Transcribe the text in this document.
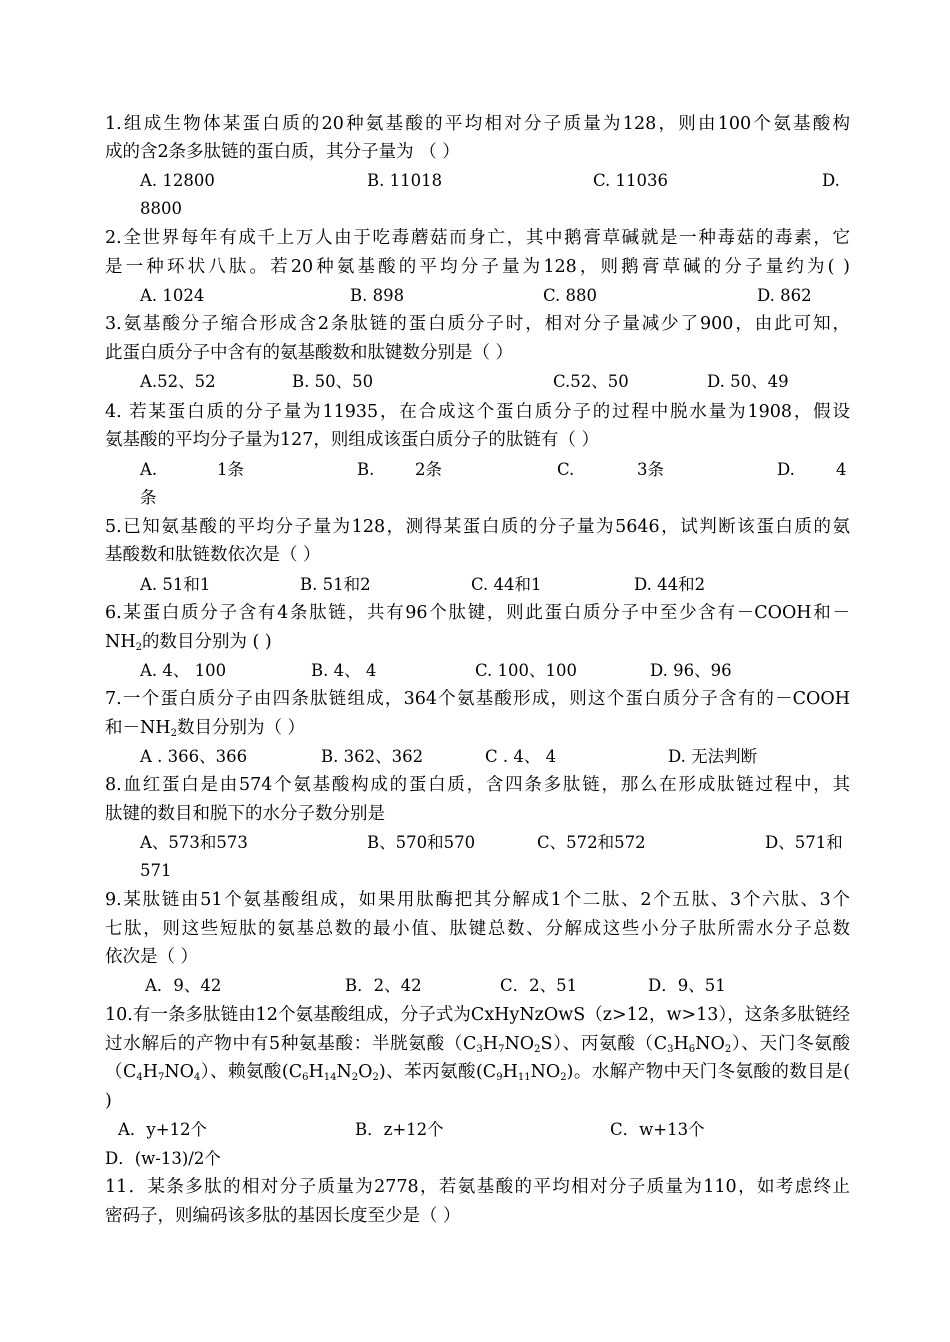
1.组成生物体某蛋白质的20种氨基酸的平均相对分子质量为128，则由100个氨基酸构
成的含2条多肽链的蛋白质，其分子量为 （ ）
A. 12800	B. 11018	C. 11036	D.
8800
2.全世界每年有成千上万人由于吃毒蘑菇而身亡，其中鹅膏草碱就是一种毒菇的毒素，它
是一种环状八肽。若20种氨基酸的平均分子量为128，则鹅膏草碱的分子量约为( )
A. 1024	B. 898	C. 880	D. 862
3.氨基酸分子缩合形成含2条肽链的蛋白质分子时，相对分子量减少了900，由此可知，
此蛋白质分子中含有的氨基酸数和肽键数分别是（ ）
A.52、52	B. 50、50	C.52、50	D. 50、49
4. 若某蛋白质的分子量为11935，在合成这个蛋白质分子的过程中脱水量为1908，假设
氨基酸的平均分子量为127，则组成该蛋白质分子的肽链有（ ）
A.	1条	B. 2条	C.	3条	D. 4
条
5.已知氨基酸的平均分子量为128，测得某蛋白质的分子量为5646，试判断该蛋白质的氨
基酸数和肽链数依次是（ ）
A. 51和1	B. 51和2	C. 44和1	D. 44和2
6.某蛋白质分子含有4条肽链，共有96个肽键，则此蛋白质分子中至少含有－COOH和－
$NH_2$的数目分别为 ( )
A. 4、 100	B. 4、 4	C. 100、100	D. 96、96
7.一个蛋白质分子由四条肽链组成，364个氨基酸形成，则这个蛋白质分子含有的－COOH
和$-NH_2$数目分别为（ ）
A . 366、366	B. 362、362	C . 4、 4	D. 无法判断
8.血红蛋白是由574个氨基酸构成的蛋白质，含四条多肽链，那么在形成肽链过程中，其
肽键的数目和脱下的水分子数分别是
A、573和573	B、570和570	C、572和572	D、571和
571
9.某肽链由51个氨基酸组成，如果用肽酶把其分解成1个二肽、2个五肽、3个六肽、3个
七肽，则这些短肽的氨基总数的最小值、肽键总数、分解成这些小分子肽所需水分子总数
依次是（ ）
A．9、42	B．2、42	C．2、51	D．9、51
10.有一条多肽链由12个氨基酸组成，分子式为CxHyNzOwS（z>12，w>13），这条多肽链经
过水解后的产物中有5种氨基酸：半胱氨酸$(C_3H_7NO_2S)$、丙氨酸$(C_3H_6NO_2)$、天门冬氨酸
$(C_4H_7NO_4)$、赖氨酸$(C_6H_{14}N_2O_2)$、苯丙氨酸$(C_9H_{11}NO_2)$。水解产物中天门冬氨酸的数目是(
)
A．y+12个	B．z+12个	C．w+13个
D．(w-13)/2个
11．某条多肽的相对分子质量为2778，若氨基酸的平均相对分子质量为110，如考虑终止
密码子，则编码该多肽的基因长度至少是（ ）
